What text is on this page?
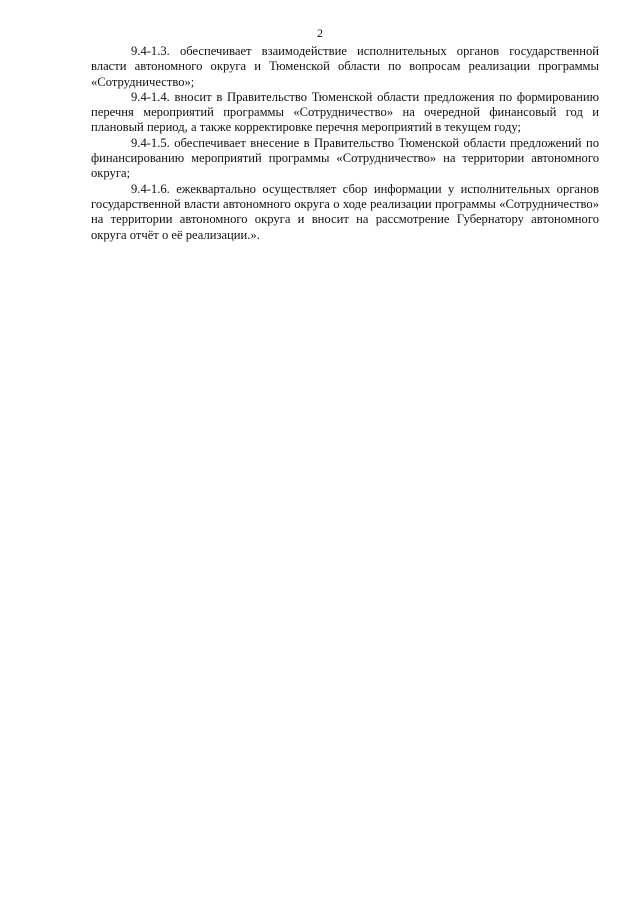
2

9.4-1.3. обеспечивает взаимодействие исполнительных органов государственной власти автономного округа и Тюменской области по вопросам реализации программы «Сотрудничество»;

9.4-1.4. вносит в Правительство Тюменской области предложения по формированию перечня мероприятий программы «Сотрудничество» на очередной финансовый год и плановый период, а также корректировке перечня мероприятий в текущем году;

9.4-1.5. обеспечивает внесение в Правительство Тюменской области предложений по финансированию мероприятий программы «Сотрудничество» на территории автономного округа;

9.4-1.6. ежеквартально осуществляет сбор информации у исполнительных органов государственной власти автономного округа о ходе реализации программы «Сотрудничество» на территории автономного округа и вносит на рассмотрение Губернатору автономного округа отчёт о её реализации.».
